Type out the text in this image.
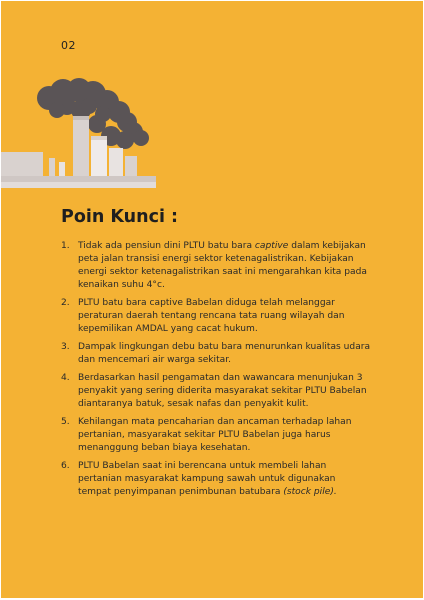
02
Poin Kunci :
1. Tidak ada pensiun dini PLTU batu bara captive dalam kebijakan peta jalan transisi energi sektor ketenagalistrikan. Kebijakan energi sektor ketenagalistrikan saat ini mengarahkan kita pada kenaikan suhu 4°c.
2. PLTU batu bara captive Babelan diduga telah melanggar peraturan daerah tentang rencana tata ruang wilayah dan kepemilikan AMDAL yang cacat hukum.
3. Dampak lingkungan debu batu bara menurunkan kualitas udara dan mencemari air warga sekitar.
4. Berdasarkan hasil pengamatan dan wawancara menunjukan 3 penyakit yang sering diderita masyarakat sekitar PLTU Babelan diantaranya batuk, sesak nafas dan penyakit kulit.
5. Kehilangan mata pencaharian dan ancaman terhadap lahan pertanian, masyarakat sekitar PLTU Babelan juga harus menanggung beban biaya kesehatan.
6. PLTU Babelan saat ini berencana untuk membeli lahan pertanian masyarakat kampung sawah untuk digunakan tempat penyimpanan penimbunan batubara (stock pile).
